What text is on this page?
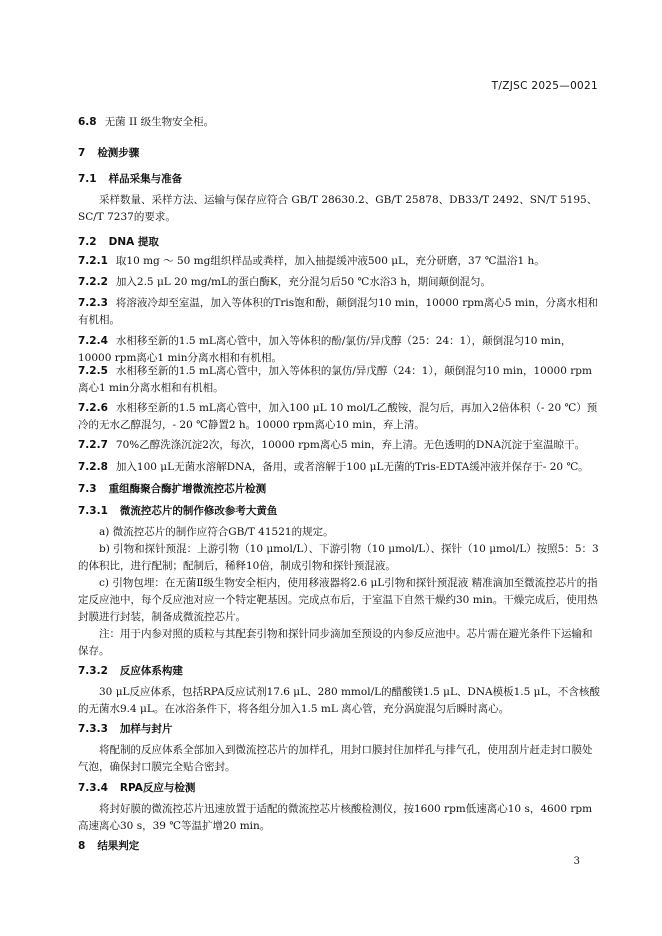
T/ZJSC 2025—0021
6.8 无菌 II 级生物安全柜。
7 检测步骤
7.1 样品采集与准备
采样数量、采样方法、运输与保存应符合 GB/T 28630.2、GB/T 25878、DB33/T 2492、SN/T 5195、SC/T 7237的要求。
7.2 DNA 提取
7.2.1 取10 mg ～ 50 mg组织样品或粪样，加入抽提缓冲液500 μL，充分研磨，37 ℃温浴1 h。
7.2.2 加入2.5 μL 20 mg/mL的蛋白酶K，充分混匀后50 ℃水浴3 h，期间颠倒混匀。
7.2.3 将溶液冷却至室温，加入等体积的Tris饱和酚，颠倒混匀10 min，10000 rpm离心5 min，分离水相和有机相。
7.2.4 水相移至新的1.5 mL离心管中，加入等体积的酚/氯仿/异戊醇（25：24：1），颠倒混匀10 min，10000 rpm离心1 min分离水相和有机相。
7.2.5 水相移至新的1.5 mL离心管中，加入等体积的氯仿/异戊醇（24：1），颠倒混匀10 min，10000 rpm离心1 min分离水相和有机相。
7.2.6 水相移至新的1.5 mL离心管中，加入100 μL 10 mol/L乙酸铵，混匀后，再加入2倍体积（- 20 ℃）预冷的无水乙醇混匀，- 20 ℃静置2 h。10000 rpm离心10 min，弃上清。
7.2.7 70%乙醇洗涤沉淀2次，每次，10000 rpm离心5 min，弃上清。无色透明的DNA沉淀于室温晾干。
7.2.8 加入100 μL无菌水溶解DNA，备用，或者溶解于100 μL无菌的Tris-EDTA缓冲液并保存于- 20 ℃。
7.3 重组酶聚合酶扩增微流控芯片检测
7.3.1 微流控芯片的制作修改参考大黄鱼
a) 微流控芯片的制作应符合GB/T 41521的规定。
b) 引物和探针预混：上游引物（10 μmol/L）、下游引物（10 μmol/L）、探针（10 μmol/L）按照5：5：3的体积比，进行配制；配制后，稀释10倍，制成引物和探针预混液。
c) 引物包埋：在无菌Ⅱ级生物安全柜内，使用移液器将2.6 μL引物和探针预混液 精准滴加至微流控芯片的指定反应池中，每个反应池对应一个特定靶基因。完成点布后，于室温下自然干燥约30 min。干燥完成后，使用热封膜进行封装，制备成微流控芯片。
注：用于内参对照的质粒与其配套引物和探针同步滴加至预设的内参反应池中。芯片需在避光条件下运输和保存。
7.3.2 反应体系构建
30 μL反应体系，包括RPA反应试剂17.6 μL、280 mmol/L的醋酸镁1.5 μL、DNA模板1.5 μL，不含核酸的无菌水9.4 μL。在冰浴条件下，将各组分加入1.5 mL 离心管，充分涡旋混匀后瞬时离心。
7.3.3 加样与封片
将配制的反应体系全部加入到微流控芯片的加样孔，用封口膜封住加样孔与排气孔，使用刮片赶走封口膜处气泡，确保封口膜完全贴合密封。
7.3.4 RPA反应与检测
将封好膜的微流控芯片迅速放置于适配的微流控芯片核酸检测仪，按1600 rpm低速离心10 s，4600 rpm高速离心30 s，39 ℃等温扩增20 min。
8 结果判定
3
